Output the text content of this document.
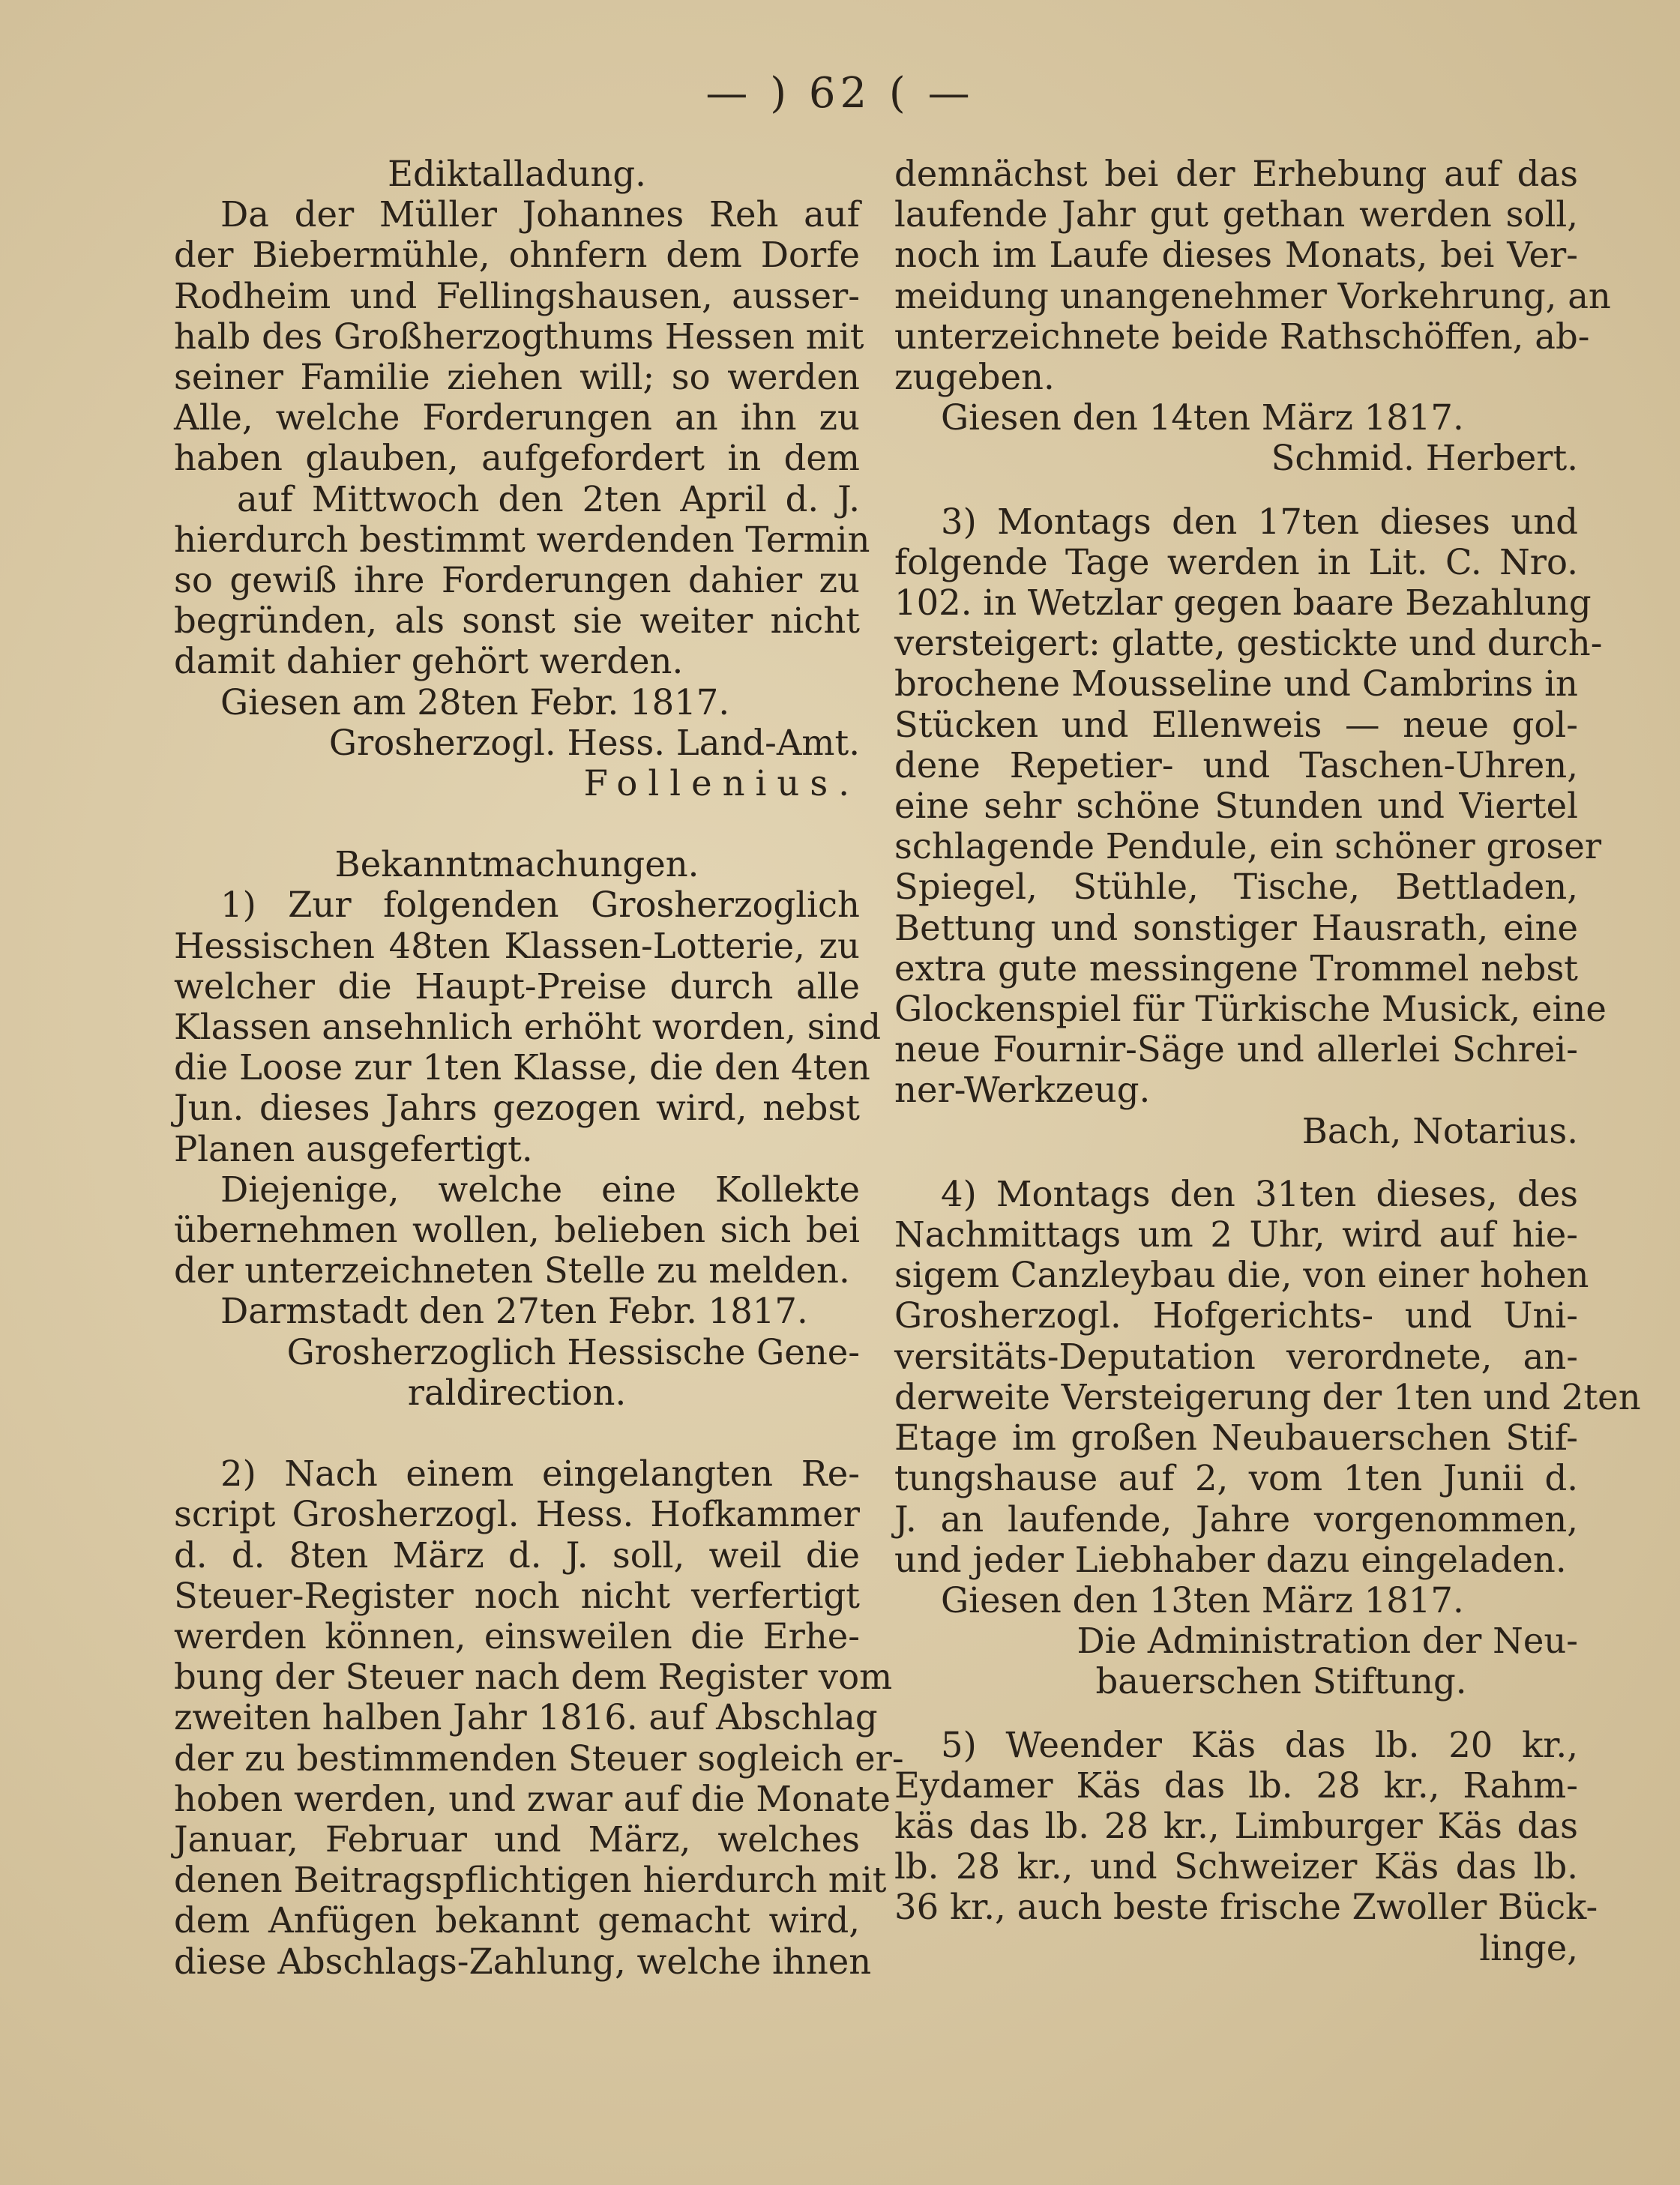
— ) 62 ( —
Ediktalladung.
Da der Müller Johannes Reh auf
der Biebermühle, ohnfern dem Dorfe
Rodheim und Fellingshausen, ausser-
halb des Großherzogthums Hessen mit
seiner Familie ziehen will; so werden
Alle, welche Forderungen an ihn zu
haben glauben, aufgefordert in dem
auf Mittwoch den 2ten April d. J.
hierdurch bestimmt werdenden Termin
so gewiß ihre Forderungen dahier zu
begründen, als sonst sie weiter nicht
damit dahier gehört werden.
Giesen am 28ten Febr. 1817.
Grosherzogl. Hess. Land-Amt.
Follenius.
Bekanntmachungen.
1) Zur folgenden Grosherzoglich
Hessischen 48ten Klassen-Lotterie, zu
welcher die Haupt-Preise durch alle
Klassen ansehnlich erhöht worden, sind
die Loose zur 1ten Klasse, die den 4ten
Jun. dieses Jahrs gezogen wird, nebst
Planen ausgefertigt.
Diejenige, welche eine Kollekte
übernehmen wollen, belieben sich bei
der unterzeichneten Stelle zu melden.
Darmstadt den 27ten Febr. 1817.
Grosherzoglich Hessische Gene-
raldirection.
2) Nach einem eingelangten Re-
script Grosherzogl. Hess. Hofkammer
d. d. 8ten März d. J. soll, weil die
Steuer-Register noch nicht verfertigt
werden können, einsweilen die Erhe-
bung der Steuer nach dem Register vom
zweiten halben Jahr 1816. auf Abschlag
der zu bestimmenden Steuer sogleich er-
hoben werden, und zwar auf die Monate
Januar, Februar und März, welches
denen Beitragspflichtigen hierdurch mit
dem Anfügen bekannt gemacht wird,
diese Abschlags-Zahlung, welche ihnen
demnächst bei der Erhebung auf das
laufende Jahr gut gethan werden soll,
noch im Laufe dieses Monats, bei Ver-
meidung unangenehmer Vorkehrung, an
unterzeichnete beide Rathschöffen, ab-
zugeben.
Giesen den 14ten März 1817.
Schmid. Herbert.
3) Montags den 17ten dieses und
folgende Tage werden in Lit. C. Nro.
102. in Wetzlar gegen baare Bezahlung
versteigert: glatte, gestickte und durch-
brochene Mousseline und Cambrins in
Stücken und Ellenweis — neue gol-
dene Repetier- und Taschen-Uhren,
eine sehr schöne Stunden und Viertel
schlagende Pendule, ein schöner groser
Spiegel, Stühle, Tische, Bettladen,
Bettung und sonstiger Hausrath, eine
extra gute messingene Trommel nebst
Glockenspiel für Türkische Musick, eine
neue Fournir-Säge und allerlei Schrei-
ner-Werkzeug.
Bach, Notarius.
4) Montags den 31ten dieses, des
Nachmittags um 2 Uhr, wird auf hie-
sigem Canzleybau die, von einer hohen
Grosherzogl. Hofgerichts- und Uni-
versitäts-Deputation verordnete, an-
derweite Versteigerung der 1ten und 2ten
Etage im großen Neubauerschen Stif-
tungshause auf 2, vom 1ten Junii d.
J. an laufende, Jahre vorgenommen,
und jeder Liebhaber dazu eingeladen.
Giesen den 13ten März 1817.
Die Administration der Neu-
bauerschen Stiftung.
5) Weender Käs das lb. 20 kr.,
Eydamer Käs das lb. 28 kr., Rahm-
käs das lb. 28 kr., Limburger Käs das
lb. 28 kr., und Schweizer Käs das lb.
36 kr., auch beste frische Zwoller Bück-
linge,
